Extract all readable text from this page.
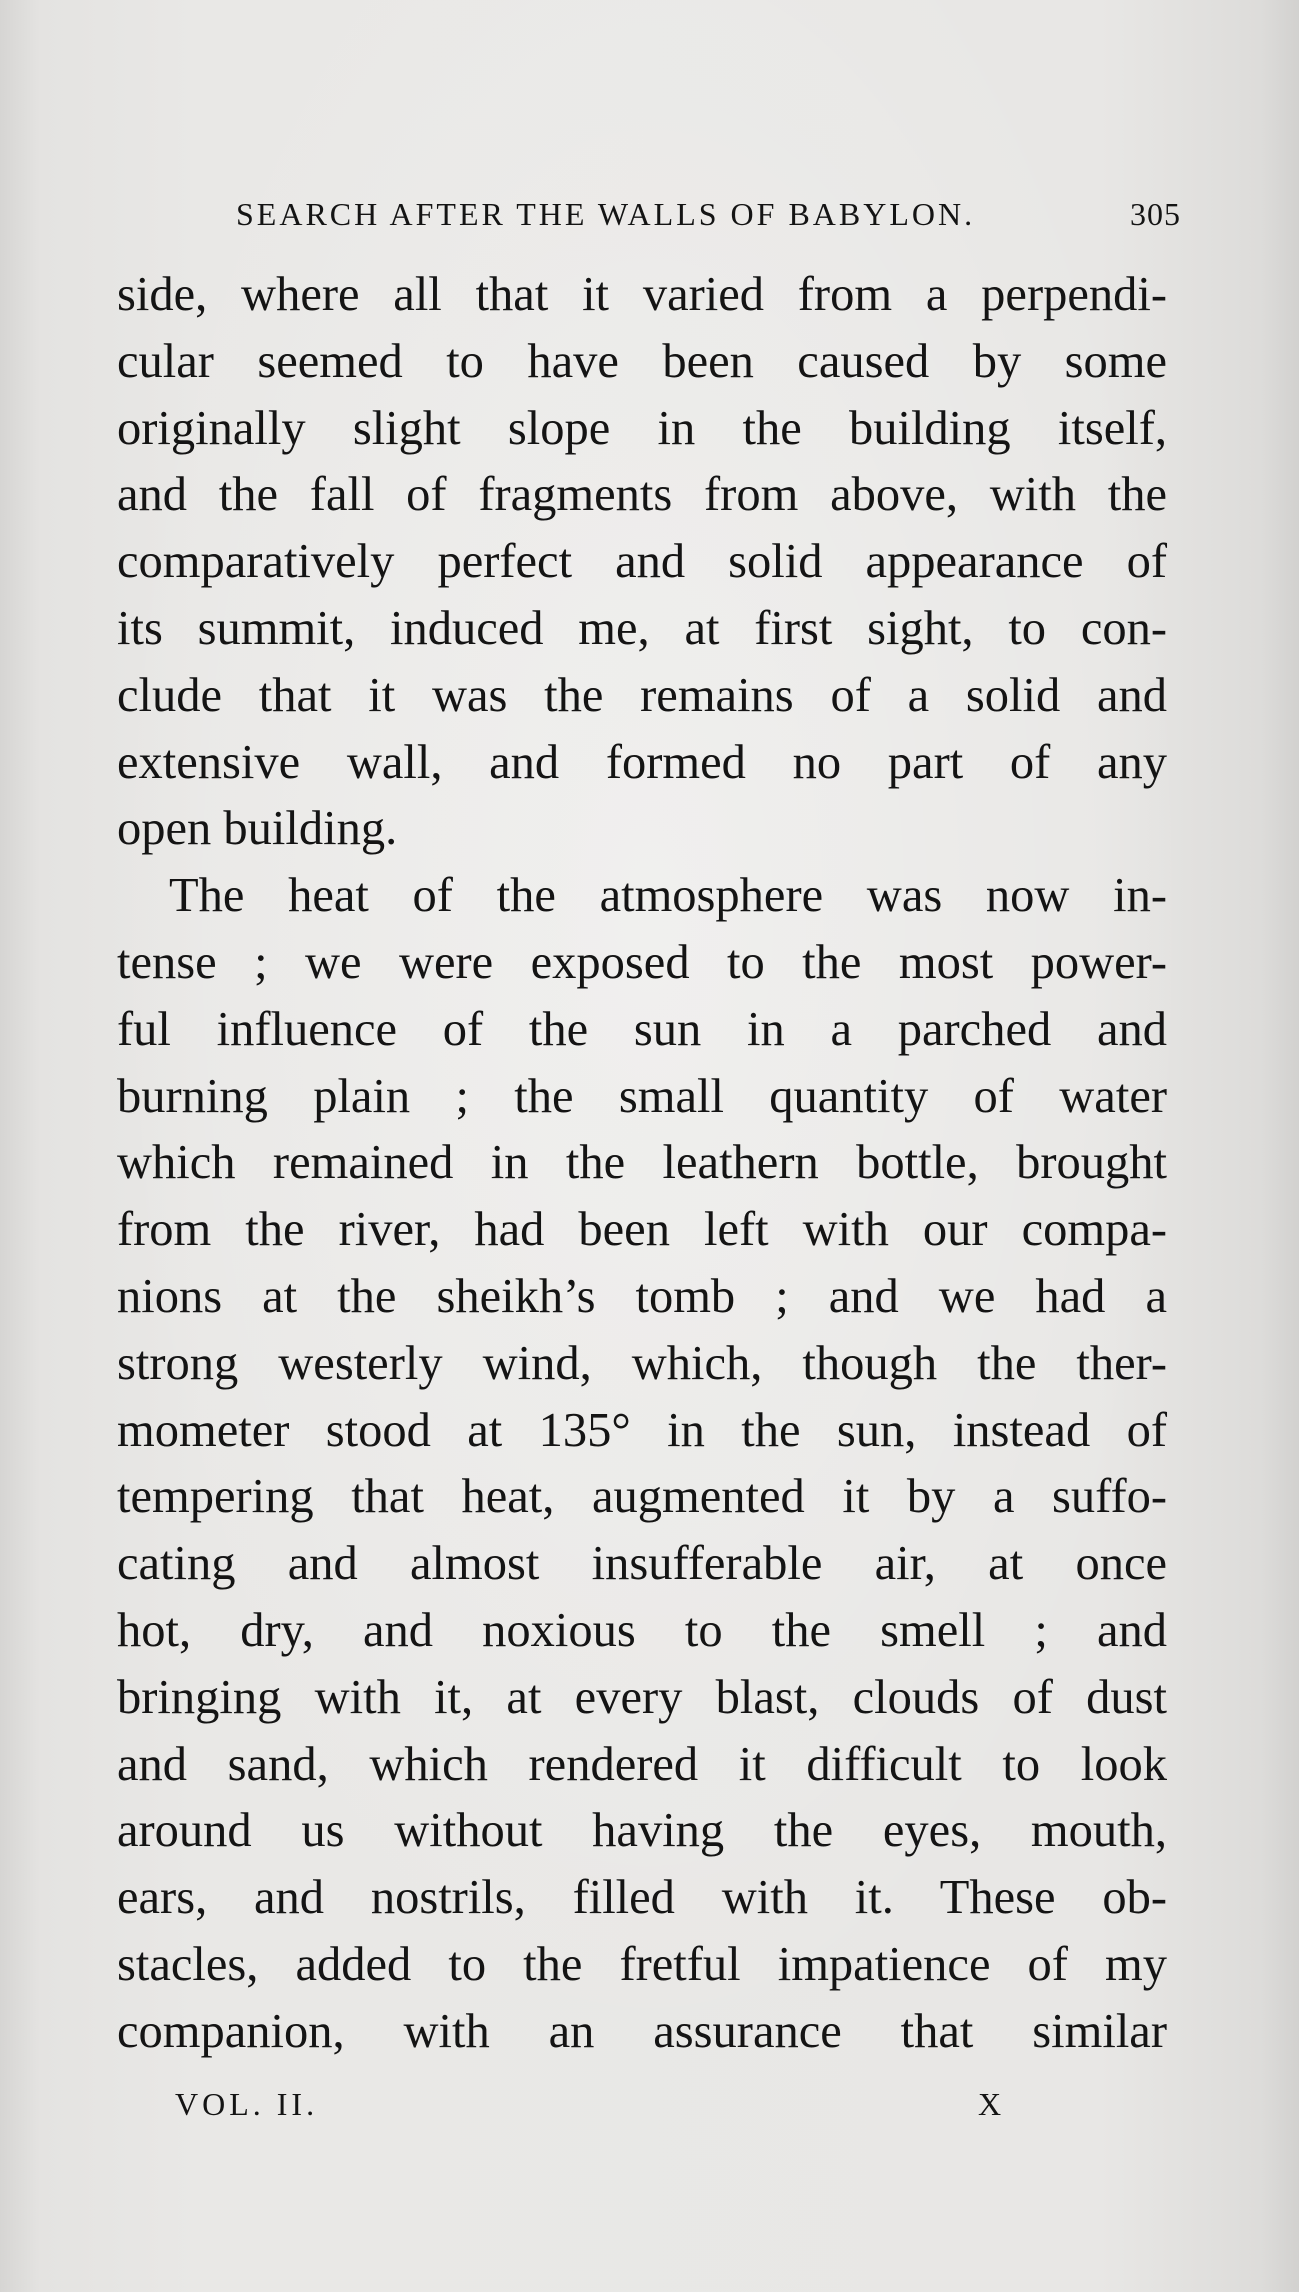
SEARCH AFTER THE WALLS OF BABYLON.	305
side, where all that it varied from a perpendi-
cular seemed to have been caused by some
originally slight slope in the building itself,
and the fall of fragments from above, with the
comparatively perfect and solid appearance of
its summit, induced me, at first sight, to con-
clude that it was the remains of a solid and
extensive wall, and formed no part of any
open building.
The heat of the atmosphere was now in-
tense ; we were exposed to the most power-
ful influence of the sun in a parched and
burning plain ; the small quantity of water
which remained in the leathern bottle, brought
from the river, had been left with our compa-
nions at the sheikh’s tomb ; and we had a
strong westerly wind, which, though the ther-
mometer stood at 135° in the sun, instead of
tempering that heat, augmented it by a suffo-
cating and almost insufferable air, at once
hot, dry, and noxious to the smell ; and
bringing with it, at every blast, clouds of dust
and sand, which rendered it difficult to look
around us without having the eyes, mouth,
ears, and nostrils, filled with it. These ob-
stacles, added to the fretful impatience of my
companion, with an assurance that similar
VOL. II.	X
